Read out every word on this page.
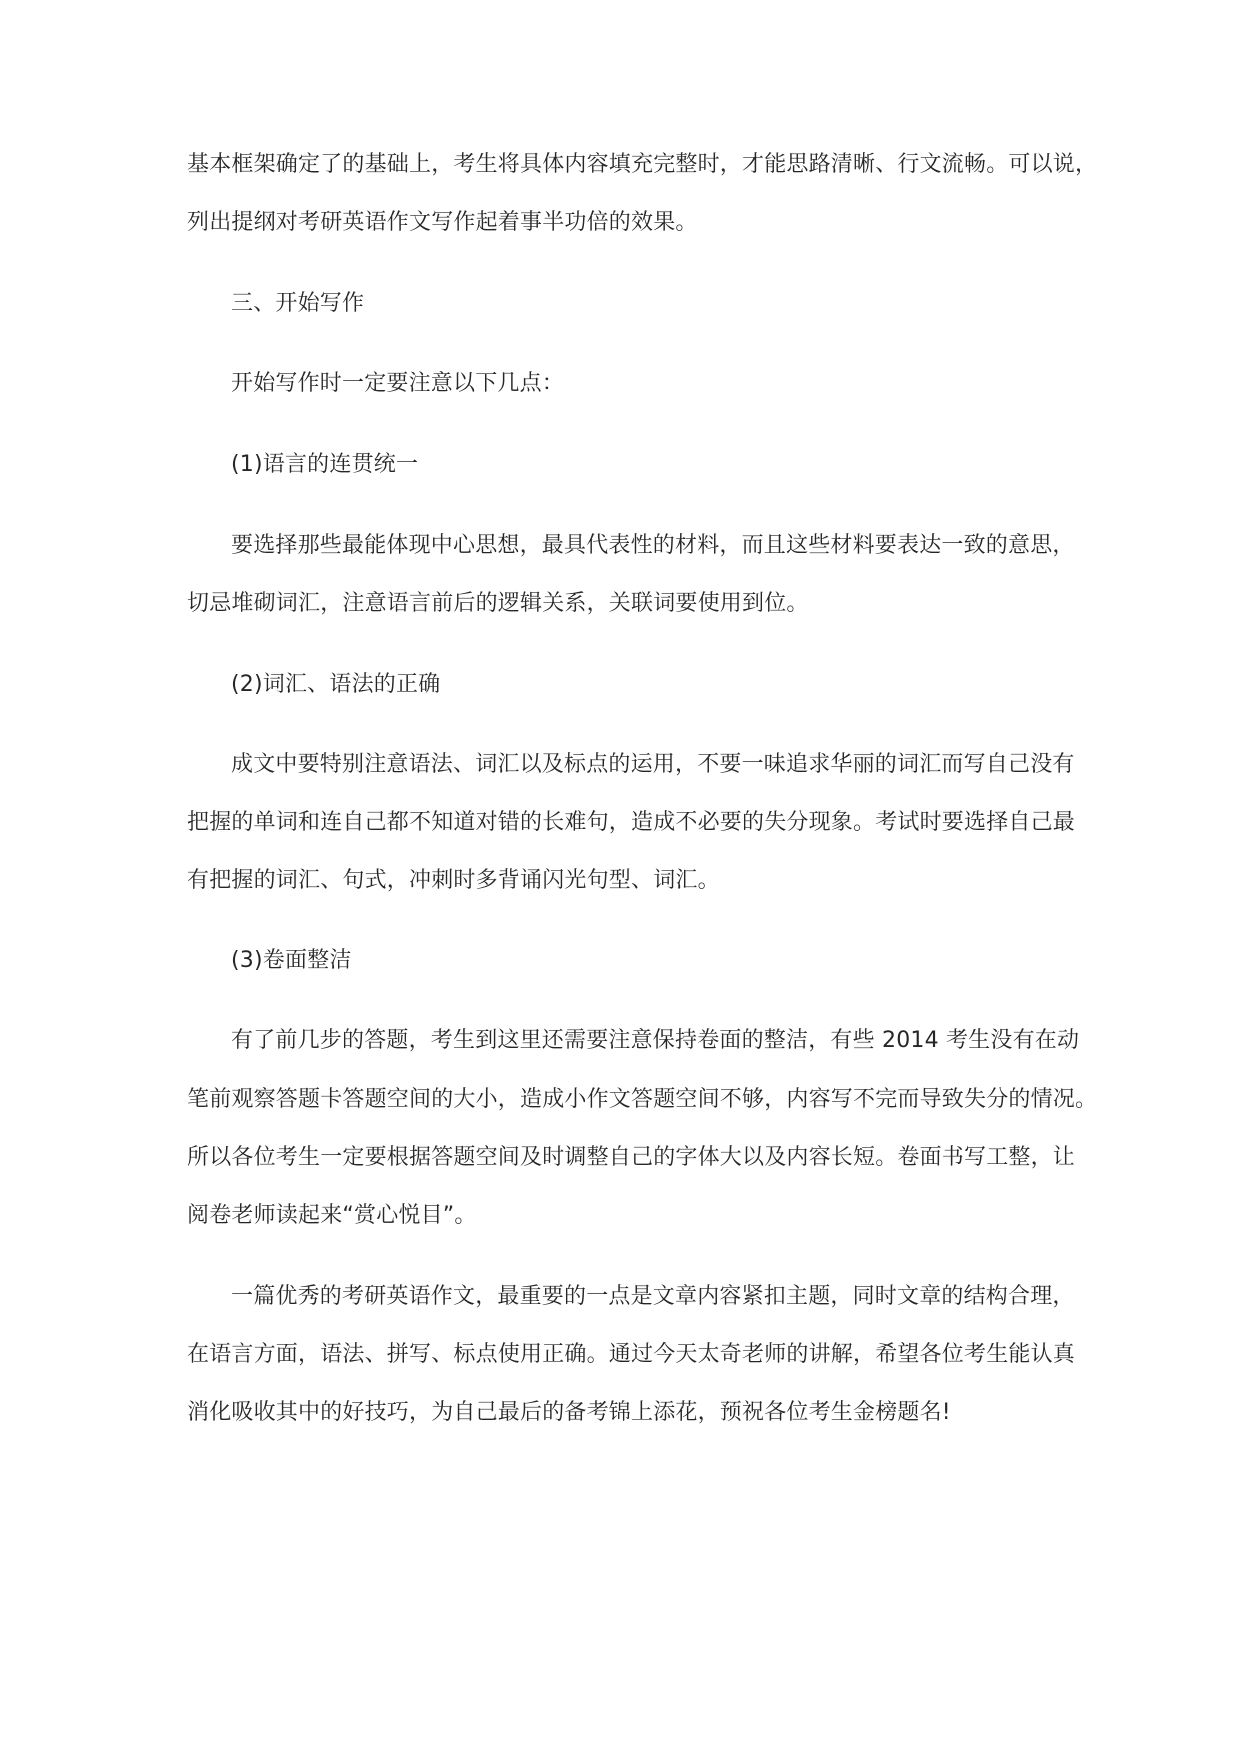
基本框架确定了的基础上，考生将具体内容填充完整时，才能思路清晰、行文流畅。可以说，
列出提纲对考研英语作文写作起着事半功倍的效果。
三、开始写作
开始写作时一定要注意以下几点：
(1)语言的连贯统一
要选择那些最能体现中心思想，最具代表性的材料，而且这些材料要表达一致的意思，
切忌堆砌词汇，注意语言前后的逻辑关系，关联词要使用到位。
(2)词汇、语法的正确
成文中要特别注意语法、词汇以及标点的运用，不要一味追求华丽的词汇而写自己没有
把握的单词和连自己都不知道对错的长难句，造成不必要的失分现象。考试时要选择自己最
有把握的词汇、句式，冲刺时多背诵闪光句型、词汇。
(3)卷面整洁
有了前几步的答题，考生到这里还需要注意保持卷面的整洁，有些 2014 考生没有在动
笔前观察答题卡答题空间的大小，造成小作文答题空间不够，内容写不完而导致失分的情况。
所以各位考生一定要根据答题空间及时调整自己的字体大以及内容长短。卷面书写工整，让
阅卷老师读起来“赏心悦目”。
一篇优秀的考研英语作文，最重要的一点是文章内容紧扣主题，同时文章的结构合理，
在语言方面，语法、拼写、标点使用正确。通过今天太奇老师的讲解，希望各位考生能认真
消化吸收其中的好技巧，为自己最后的备考锦上添花，预祝各位考生金榜题名!
